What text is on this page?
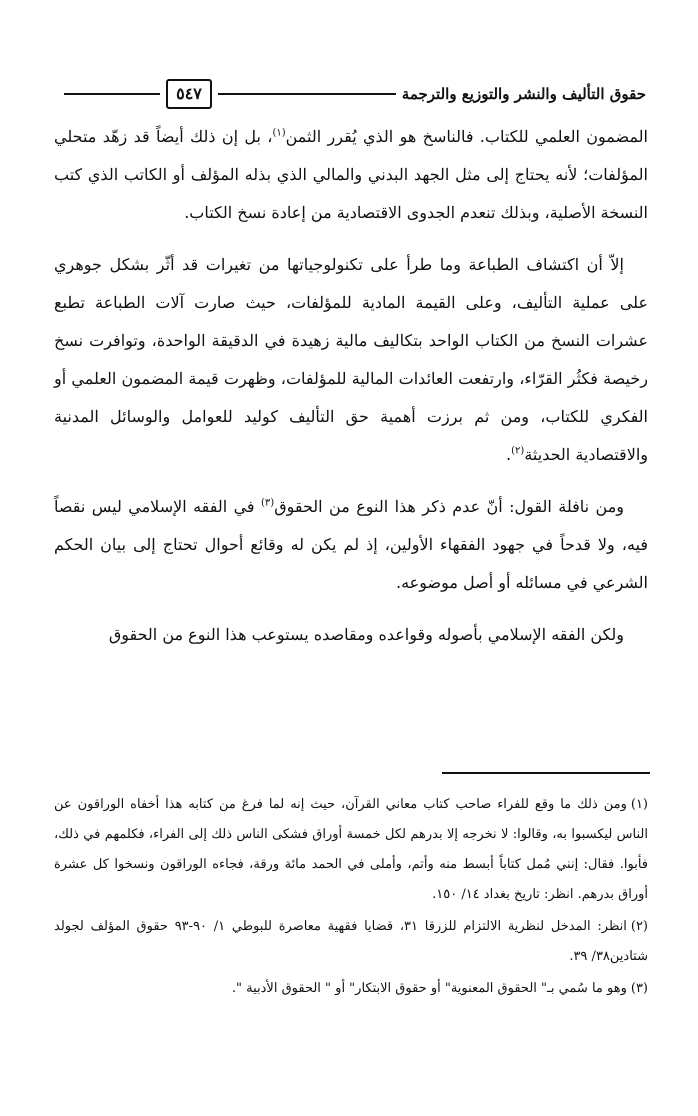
حقوق التأليف والنشر والتوزيع والترجمة
٥٤٧

المضمون العلمي للكتاب. فالناسخ هو الذي يُقرر الثمن$^{(١)}$، بل إن ذلك أيضاً قد زهّد متحلي المؤلفات؛ لأنه يحتاج إلى مثل الجهد البدني والمالي الذي بذله المؤلف أو الكاتب الذي كتب النسخة الأصلية، وبذلك تنعدم الجدوى الاقتصادية من إعادة نسخ الكتاب.

إلاّ أن اكتشاف الطباعة وما طرأ على تكنولوجياتها من تغيرات قد أثّر بشكل جوهري على عملية التأليف، وعلى القيمة المادية للمؤلفات، حيث صارت آلات الطباعة تطبع عشرات النسخ من الكتاب الواحد بتكاليف مالية زهيدة في الدقيقة الواحدة، وتوافرت نسخ رخيصة فكثُر القرّاء، وارتفعت العائدات المالية للمؤلفات، وظهرت قيمة المضمون العلمي أو الفكري للكتاب، ومن ثم برزت أهمية حق التأليف كوليد للعوامل والوسائل المدنية والاقتصادية الحديثة$^{(٢)}$.

ومن نافلة القول: أنّ عدم ذكر هذا النوع من الحقوق$^{(٣)}$ في الفقه الإسلامي ليس نقصاً فيه، ولا قدحاً في جهود الفقهاء الأولين، إذ لم يكن له وقائع أحوال تحتاج إلى بيان الحكم الشرعي في مسائله أو أصل موضوعه.

ولكن الفقه الإسلامي بأصوله وقواعده ومقاصده يستوعب هذا النوع من الحقوق

(١)ومن ذلك ما وقع للفراء صاحب كتاب معاني القرآن، حيث إنه لما فرغ من كتابه هذا أخفاه الوراقون عن الناس ليكسبوا به، وقالوا: لا نخرجه إلا بدرهم لكل خمسة أوراق فشكى الناس ذلك إلى الفراء، فكلمهم في ذلك، فأبوا. فقال: إنني مُمل كتاباً أبسط منه وأتم، وأملى في الحمد مائة ورقة، فجاءه الوراقون ونسخوا كل عشرة أوراق بدرهم. انظر: تاريخ بغداد ١٤/ ١٥٠.

(٢)انظر: المدخل لنظرية الالتزام للزرقا ٣١، قضايا فقهية معاصرة للبوطي ١/ ٩٠-٩٣ حقوق المؤلف لجولد شتادين٣٨/ ٣٩.

(٣)وهو ما سُمي بـ" الحقوق المعنوية" أو حقوق الابتكار" أو " الحقوق الأدبية ".
